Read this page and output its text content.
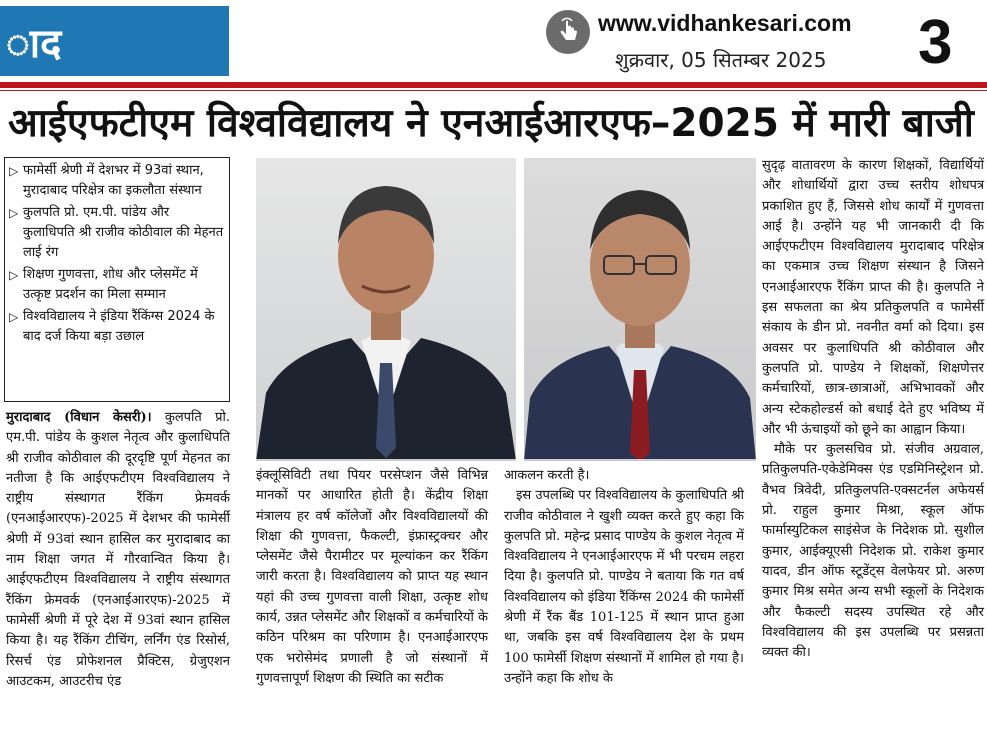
ाद	www.vidhankesari.com
शुक्रवार, 05 सितम्बर 2025 3
आईएफटीएम विश्वविद्यालय ने एनआईआरएफ–2025 में मारी बाजी
▷ फामेर्सी श्रेणी में देशभर में 93वां स्थान, मुरादाबाद परिक्षेत्र का इकलौता संस्थान
▷ कुलपति प्रो. एम.पी. पांडेय और कुलाधिपति श्री राजीव कोठीवाल की मेहनत लाई रंग
▷ शिक्षण गुणवत्ता, शोध और प्लेसमेंट में उत्कृष्ट प्रदर्शन का मिला सम्मान
▷ विश्वविद्यालय ने इंडिया रैंकिंग्स 2024 के बाद दर्ज किया बड़ा उछाल

मुरादाबाद (विधान केसरी)। कुलपति प्रो. एम.पी. पांडेय के कुशल नेतृत्व और कुलाधिपति श्री राजीव कोठीवाल की दूरदृष्टि पूर्ण मेहनत का नतीजा है कि आईएफटीएम विश्वविद्यालय ने राष्ट्रीय संस्थागत रैंकिंग फ्रेमवर्क (एनआईआरएफ)-2025 में देशभर की फामेर्सी श्रेणी में 93वां स्थान हासिल कर मुरादाबाद का नाम शिक्षा जगत में गौरवान्वित किया है। आईएफटीएम विश्वविद्यालय ने राष्ट्रीय संस्थागत रैंकिंग फ्रेमवर्क (एनआईआरएफ)-2025 में फामेर्सी श्रेणी में पूरे देश में 93वां स्थान हासिल किया है। यह रैंकिंग टीचिंग, लर्निंग एंड रिसोर्स, रिसर्च एंड प्रोफेशनल प्रैक्टिस, ग्रेजुएशन आउटकम, आउटरीच एंड

इंक्लूसिविटी तथा पियर परसेप्शन जैसे विभिन्न मानकों पर आधारित होती है। केंद्रीय शिक्षा मंत्रालय हर वर्ष कॉलेजों और विश्वविद्यालयों की शिक्षा की गुणवत्ता, फैकल्टी, इंफ्रास्ट्रक्चर और प्लेसमेंट जैसे पैरामीटर पर मूल्यांकन कर रैंकिंग जारी करता है। विश्वविद्यालय को प्राप्त यह स्थान यहां की उच्च गुणवत्ता वाली शिक्षा, उत्कृष्ट शोध कार्य, उन्नत प्लेसमेंट और शिक्षकों व कर्मचारियों के कठिन परिश्रम का परिणाम है। एनआईआरएफ एक भरोसेमंद प्रणाली है जो संस्थानों में गुणवत्तापूर्ण शिक्षण की स्थिति का सटीक

आकलन करती है।

इस उपलब्धि पर विश्वविद्यालय के कुलाधिपति श्री राजीव कोठीवाल ने खुशी व्यक्त करते हुए कहा कि कुलपति प्रो. महेन्द्र प्रसाद पाण्डेय के कुशल नेतृत्व में विश्वविद्यालय ने एनआईआरएफ में भी परचम लहरा दिया है। कुलपति प्रो. पाण्डेय ने बताया कि गत वर्ष विश्वविद्यालय को इंडिया रैंकिंग्स 2024 की फामेर्सी श्रेणी में रैंक बैंड 101-125 में स्थान प्राप्त हुआ था, जबकि इस वर्ष विश्वविद्यालय देश के प्रथम 100 फामेर्सी शिक्षण संस्थानों में शामिल हो गया है। उन्होंने कहा कि शोध के

सुदृढ़ वातावरण के कारण शिक्षकों, विद्यार्थियों और शोधार्थियों द्वारा उच्च स्तरीय शोधपत्र प्रकाशित हुए हैं, जिससे शोध कार्यों में गुणवत्ता आई है। उन्होंने यह भी जानकारी दी कि आईएफटीएम विश्वविद्यालय मुरादाबाद परिक्षेत्र का एकमात्र उच्च शिक्षण संस्थान है जिसने एनआईआरएफ रैंकिंग प्राप्त की है। कुलपति ने इस सफलता का श्रेय प्रतिकुलपति व फामेर्सी संकाय के डीन प्रो. नवनीत वर्मा को दिया। इस अवसर पर कुलाधिपति श्री कोठीवाल और कुलपति प्रो. पाण्डेय ने शिक्षकों, शिक्षणेत्तर कर्मचारियों, छात्र-छात्राओं, अभिभावकों और अन्य स्टेकहोल्डर्स को बधाई देते हुए भविष्य में और भी ऊंचाइयों को छूने का आह्वान किया।

मौके पर कुलसचिव प्रो. संजीव अग्रवाल, प्रतिकुलपति-एकेडेमिक्स एंड एडमिनिस्ट्रेशन प्रो. वैभव त्रिवेदी, प्रतिकुलपति-एक्सटर्नल अफेयर्स प्रो. राहुल कुमार मिश्रा, स्कूल ऑफ फार्मास्युटिकल साइंसेज के निदेशक प्रो. सुशील कुमार, आईक्यूएसी निदेशक प्रो. राकेश कुमार यादव, डीन ऑफ स्टूडेंट्स वेलफेयर प्रो. अरुण कुमार मिश्र समेत अन्य सभी स्कूलों के निदेशक और फैकल्टी सदस्य उपस्थित रहे और विश्वविद्यालय की इस उपलब्धि पर प्रसन्नता व्यक्त की।
